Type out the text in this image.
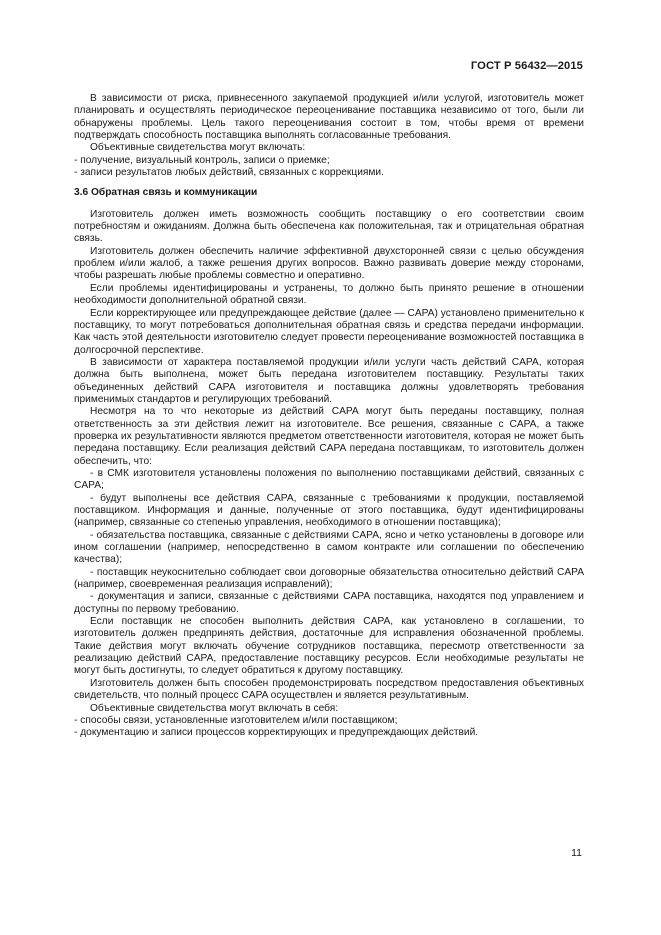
ГОСТ Р 56432—2015

В зависимости от риска, привнесенного закупаемой продукцией и/или услугой, изготовитель может планировать и осуществлять периодическое переоценивание поставщика независимо от того, были ли обнаружены проблемы. Цель такого переоценивания состоит в том, чтобы время от времени подтверждать способность поставщика выполнять согласованные требования.

Объективные свидетельства могут включать:

- получение, визуальный контроль, записи о приемке;

- записи результатов любых действий, связанных с коррекциями.

3.6 Обратная связь и коммуникации

Изготовитель должен иметь возможность сообщить поставщику о его соответствии своим потребностям и ожиданиям. Должна быть обеспечена как положительная, так и отрицательная обратная связь.

Изготовитель должен обеспечить наличие эффективной двухсторонней связи с целью обсуждения проблем и/или жалоб, а также решения других вопросов. Важно развивать доверие между сторонами, чтобы разрешать любые проблемы совместно и оперативно.

Если проблемы идентифицированы и устранены, то должно быть принято решение в отношении необходимости дополнительной обратной связи.

Если корректирующее или предупреждающее действие (далее — CAPA) установлено применительно к поставщику, то могут потребоваться дополнительная обратная связь и средства передачи информации. Как часть этой деятельности изготовителю следует провести переоценивание возможностей поставщика в долгосрочной перспективе.

В зависимости от характера поставляемой продукции и/или услуги часть действий CAPA, которая должна быть выполнена, может быть передана изготовителем поставщику. Результаты таких объединенных действий CAPA изготовителя и поставщика должны удовлетворять требования применимых стандартов и регулирующих требований.

Несмотря на то что некоторые из действий CAPA могут быть переданы поставщику, полная ответственность за эти действия лежит на изготовителе. Все решения, связанные с CAPA, а также проверка их результативности являются предметом ответственности изготовителя, которая не может быть передана поставщику. Если реализация действий CAPA передана поставщикам, то изготовитель должен обеспечить, что:

- в СМК изготовителя установлены положения по выполнению поставщиками действий, связанных с CAPA;

- будут выполнены все действия CAPA, связанные с требованиями к продукции, поставляемой поставщиком. Информация и данные, полученные от этого поставщика, будут идентифицированы (например, связанные со степенью управления, необходимого в отношении поставщика);

- обязательства поставщика, связанные с действиями CAPA, ясно и четко установлены в договоре или ином соглашении (например, непосредственно в самом контракте или соглашении по обеспечению качества);

- поставщик неукоснительно соблюдает свои договорные обязательства относительно действий CAPA (например, своевременная реализация исправлений);

- документация и записи, связанные с действиями CAPA поставщика, находятся под управлением и доступны по первому требованию.

Если поставщик не способен выполнить действия CAPA, как установлено в соглашении, то изготовитель должен предпринять действия, достаточные для исправления обозначенной проблемы. Такие действия могут включать обучение сотрудников поставщика, пересмотр ответственности за реализацию действий CAPA, предоставление поставщику ресурсов. Если необходимые результаты не могут быть достигнуты, то следует обратиться к другому поставщику.

Изготовитель должен быть способен продемонстрировать посредством предоставления объективных свидетельств, что полный процесс CAPA осуществлен и является результативным.

Объективные свидетельства могут включать в себя:

- способы связи, установленные изготовителем и/или поставщиком;

- документацию и записи процессов корректирующих и предупреждающих действий.

11
